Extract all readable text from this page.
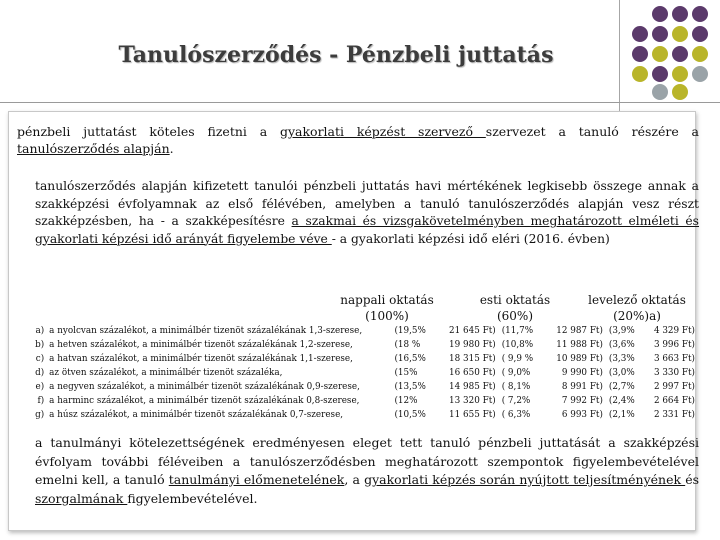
Tanulószerződés - Pénzbeli juttatás

pénzbeli juttatást köteles fizetni a gyakorlati képzést szervező szervezet a tanuló részére a tanulószerződés alapján.

tanulószerződés alapján kifizetett tanulói pénzbeli juttatás havi mértékének legkisebb összege annak a szakképzési évfolyamnak az első félévében, amelyben a tanuló tanulószerződés alapján vesz részt szakképzésben, ha - a szakképesítésre a szakmai és vizsgakövetelményben meghatározott elméleti és gyakorlati képzési idő arányát figyelembe véve - a gyakorlati képzési idő eléri (2016. évben)

nappali oktatás
(100%)
esti oktatás
(60%)
levelező oktatás
(20%)a)
a)	a nyolcvan százalékot, a minimálbér tizenöt százalékának 1,3-szerese,	(19,5%	21 645 Ft)	(11,7%	12 987 Ft)	(3,9%	4 329 Ft)
b)	a hetven százalékot, a minimálbér tizenöt százalékának 1,2-szerese,	(18 %	19 980 Ft)	(10,8%	11 988 Ft)	(3,6%	3 996 Ft)
c)	a hatvan százalékot, a minimálbér tizenöt százalékának 1,1-szerese,	(16,5%	18 315 Ft)	( 9,9 %	10 989 Ft)	(3,3%	3 663 Ft)
d)	az ötven százalékot, a minimálbér tizenöt százaléka,	(15%	16 650 Ft)	( 9,0%	9 990 Ft)	(3,0%	3 330 Ft)
e)	a negyven százalékot, a minimálbér tizenöt százalékának 0,9-szerese,	(13,5%	14 985 Ft)	( 8,1%	8 991 Ft)	(2,7%	2 997 Ft)
f)	a harminc százalékot, a minimálbér tizenöt százalékának 0,8-szerese,	(12%	13 320 Ft)	( 7,2%	7 992 Ft)	(2,4%	2 664 Ft)
g)	a húsz százalékot, a minimálbér tizenöt százalékának 0,7-szerese,	(10,5%	11 655 Ft)	( 6,3%	6 993 Ft)	(2,1%	2 331 Ft)

a tanulmányi kötelezettségének eredményesen eleget tett tanuló pénzbeli juttatását a szakképzési évfolyam további féléveiben a tanulószerződésben meghatározott szempontok figyelembevételével emelni kell, a tanuló tanulmányi előmenetelének, a gyakorlati képzés során nyújtott teljesítményének és szorgalmának figyelembevételével.
